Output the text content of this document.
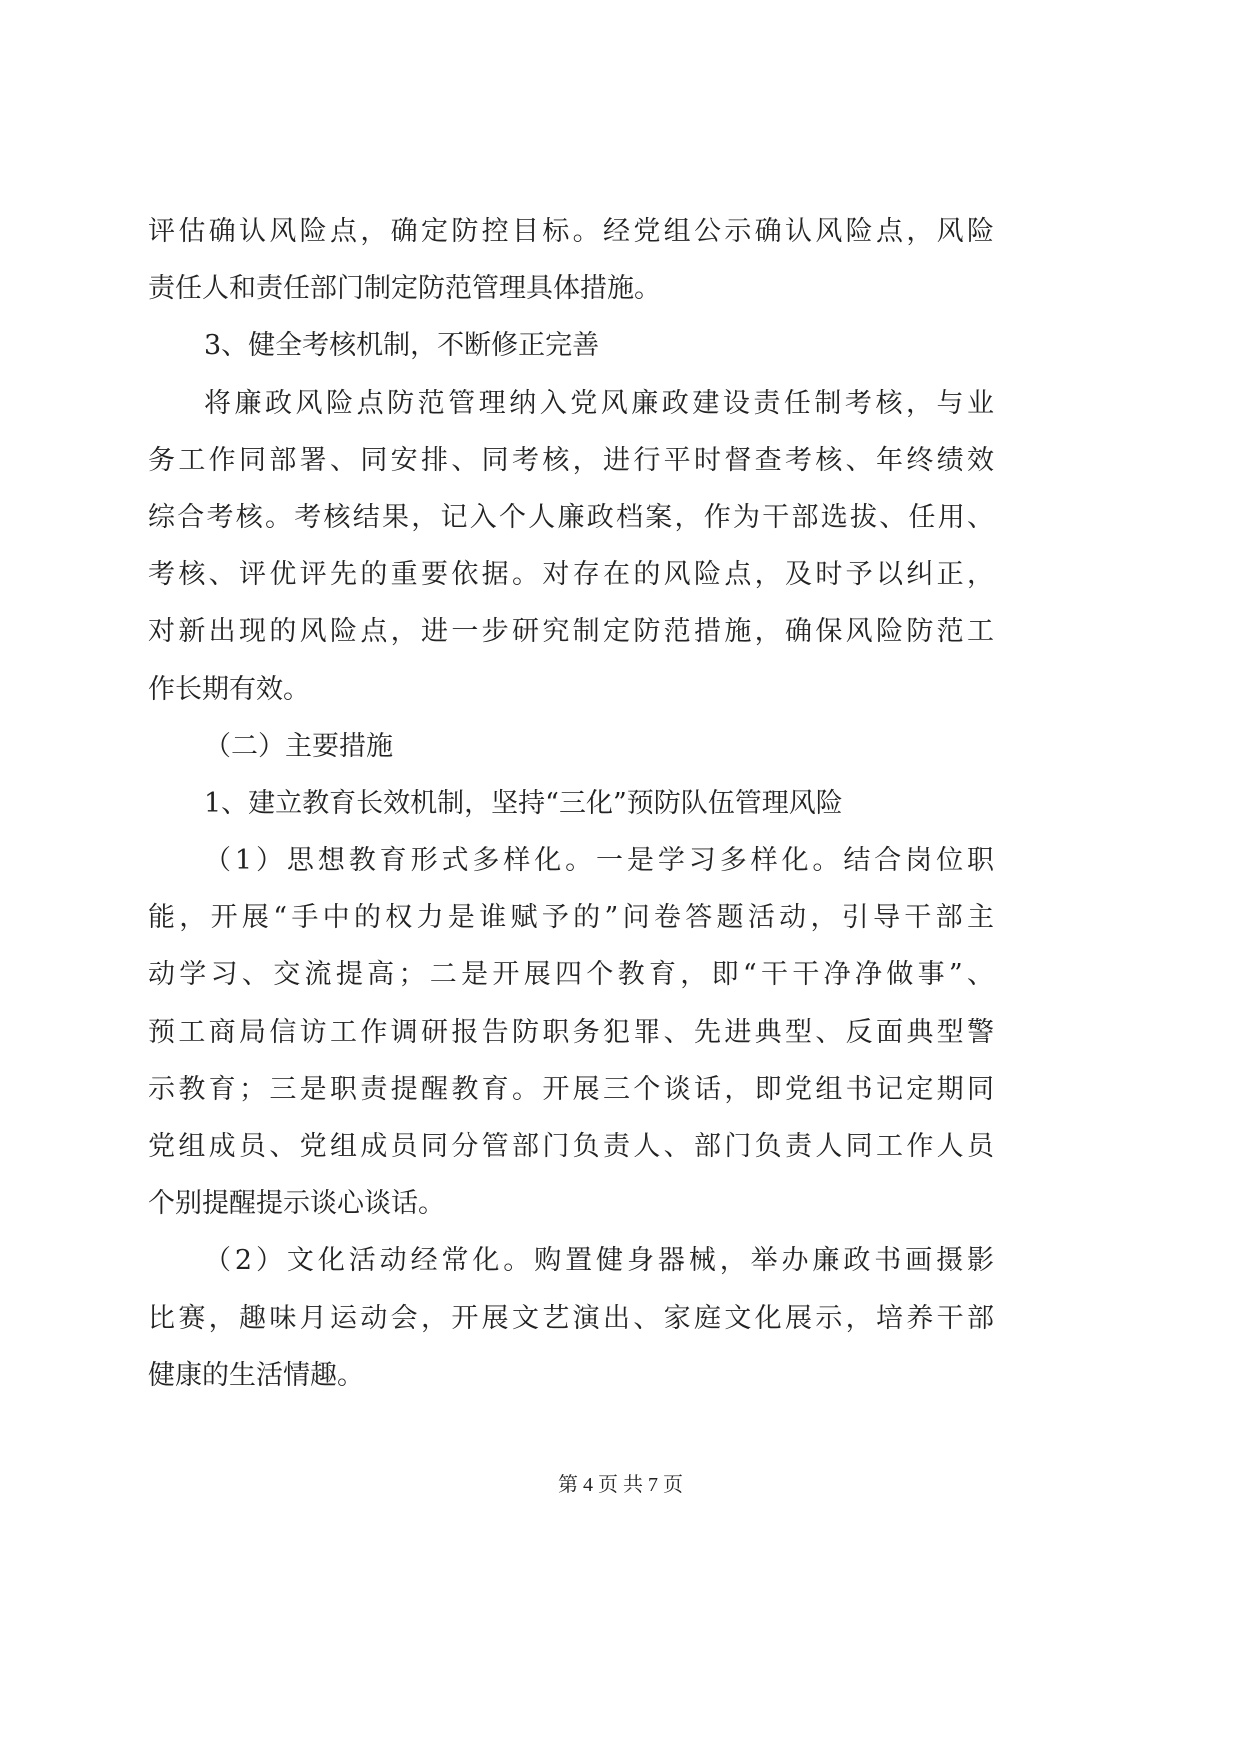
评估确认风险点，确定防控目标。经党组公示确认风险点，风险
责任人和责任部门制定防范管理具体措施。
3、健全考核机制，不断修正完善
将廉政风险点防范管理纳入党风廉政建设责任制考核，与业
务工作同部署、同安排、同考核，进行平时督查考核、年终绩效
综合考核。考核结果，记入个人廉政档案，作为干部选拔、任用、
考核、评优评先的重要依据。对存在的风险点，及时予以纠正，
对新出现的风险点，进一步研究制定防范措施，确保风险防范工
作长期有效。
（二）主要措施
1、建立教育长效机制，坚持“三化”预防队伍管理风险
（1）思想教育形式多样化。一是学习多样化。结合岗位职
能，开展“手中的权力是谁赋予的”问卷答题活动，引导干部主
动学习、交流提高；二是开展四个教育，即“干干净净做事”、
预工商局信访工作调研报告防职务犯罪、先进典型、反面典型警
示教育；三是职责提醒教育。开展三个谈话，即党组书记定期同
党组成员、党组成员同分管部门负责人、部门负责人同工作人员
个别提醒提示谈心谈话。
（2）文化活动经常化。购置健身器械，举办廉政书画摄影
比赛，趣味月运动会，开展文艺演出、家庭文化展示，培养干部
健康的生活情趣。
第 4 页 共 7 页
